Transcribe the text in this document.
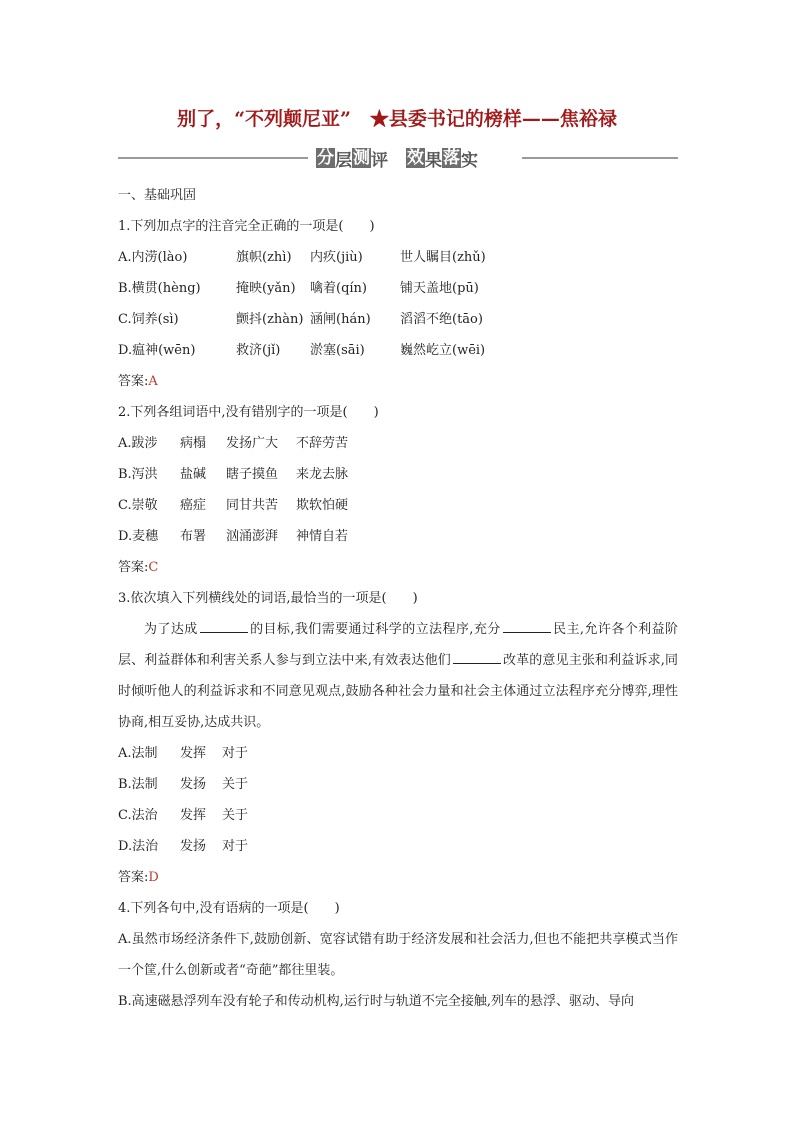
别了，“不列颠尼亚”　★县委书记的榜样——焦裕禄
分 层 测 评 效 果 落 实
一、基础巩固
1.下列加点字的注音完全正确的一项是(　　)
A.内涝(lào)	旗帜(zhì)	内疚(jiù)	世人瞩目(zhǔ)
B.横贯(hèng)	掩映(yǎn)	噙着(qín)	铺天盖地(pū)
C.饲养(sì)	颤抖(zhàn) 涵闸(hán)	滔滔不绝(tāo)
D.瘟神(wēn)	救济(jǐ)	淤塞(sāi)	巍然屹立(wēi)
答案:A
2.下列各组词语中,没有错别字的一项是(　　)
A.跋涉	病榻	发扬广大	不辞劳苦
B.泻洪	盐碱	瞎子摸鱼	来龙去脉
C.崇敬	癌症	同甘共苦	欺软怕硬
D.麦穗	布署	汹涌澎湃	神情自若
答案:C
3.依次填入下列横线处的词语,最恰当的一项是(　　)
为了达成	的目标,我们需要通过科学的立法程序,充分	民主,允许各个利益阶层、利益群体和利害关系人参与到立法中来,有效表达他们	改革的意见主张和利益诉求,同时倾听他人的利益诉求和不同意见观点,鼓励各种社会力量和社会主体通过立法程序充分博弈,理性协商,相互妥协,达成共识。
A.法制	发挥	对于
B.法制	发扬	关于
C.法治	发挥	关于
D.法治	发扬	对于
答案:D
4.下列各句中,没有语病的一项是(　　)
A.虽然市场经济条件下,鼓励创新、宽容试错有助于经济发展和社会活力,但也不能把共享模式当作一个筐,什么创新或者“奇葩”都往里装。
B.高速磁悬浮列车没有轮子和传动机构,运行时与轨道不完全接触,列车的悬浮、驱动、导向
